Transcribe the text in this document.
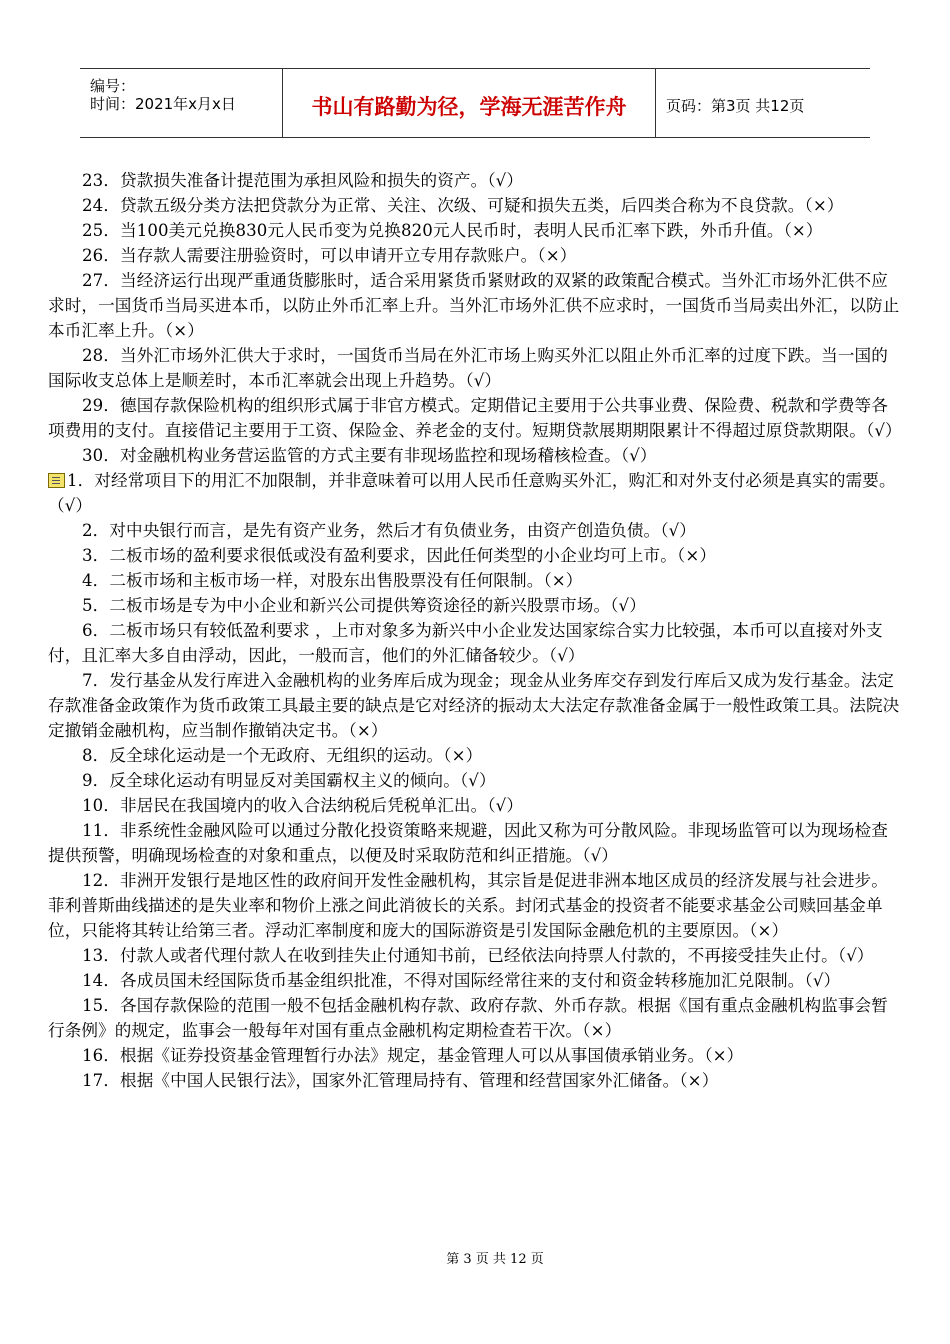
编号：
时间：2021年x月x日	书山有路勤为径，学海无涯苦作舟	页码：第3页 共12页

23．贷款损失准备计提范围为承担风险和损失的资产。（√）

24．贷款五级分类方法把贷款分为正常、关注、次级、可疑和损失五类，后四类合称为不良贷款。（×）

25．当100美元兑换830元人民币变为兑换820元人民币时，表明人民币汇率下跌，外币升值。（×）

26．当存款人需要注册验资时，可以申请开立专用存款账户。（×）

27．当经济运行出现严重通货膨胀时，适合采用紧货币紧财政的双紧的政策配合模式。当外汇市场外汇供不应求时，一国货币当局买进本币，以防止外币汇率上升。当外汇市场外汇供不应求时，一国货币当局卖出外汇，以防止本币汇率上升。（×）

28．当外汇市场外汇供大于求时，一国货币当局在外汇市场上购买外汇以阻止外币汇率的过度下跌。当一国的国际收支总体上是顺差时，本币汇率就会出现上升趋势。（√）

29．德国存款保险机构的组织形式属于非官方模式。定期借记主要用于公共事业费、保险费、税款和学费等各项费用的支付。直接借记主要用于工资、保险金、养老金的支付。短期贷款展期期限累计不得超过原贷款期限。（√）

30．对金融机构业务营运监管的方式主要有非现场监控和现场稽核检查。（√）

1．对经常项目下的用汇不加限制，并非意味着可以用人民币任意购买外汇，购汇和对外支付必须是真实的需要。（√）

2．对中央银行而言，是先有资产业务，然后才有负债业务，由资产创造负债。（√）

3．二板市场的盈利要求很低或没有盈利要求，因此任何类型的小企业均可上市。（×）

4．二板市场和主板市场一样，对股东出售股票没有任何限制。（×）

5．二板市场是专为中小企业和新兴公司提供筹资途径的新兴股票市场。（√）

6．二板市场只有较低盈利要求 ，上市对象多为新兴中小企业发达国家综合实力比较强，本币可以直接对外支付，且汇率大多自由浮动，因此，一般而言，他们的外汇储备较少。（√）

7．发行基金从发行库进入金融机构的业务库后成为现金；现金从业务库交存到发行库后又成为发行基金。法定存款准备金政策作为货币政策工具最主要的缺点是它对经济的振动太大法定存款准备金属于一般性政策工具。法院决定撤销金融机构，应当制作撤销决定书。（×）

8．反全球化运动是一个无政府、无组织的运动。（×）

9．反全球化运动有明显反对美国霸权主义的倾向。（√）

10．非居民在我国境内的收入合法纳税后凭税单汇出。（√）

11．非系统性金融风险可以通过分散化投资策略来规避，因此又称为可分散风险。非现场监管可以为现场检查提供预警，明确现场检查的对象和重点，以便及时采取防范和纠正措施。（√）

12．非洲开发银行是地区性的政府间开发性金融机构，其宗旨是促进非洲本地区成员的经济发展与社会进步。菲利普斯曲线描述的是失业率和物价上涨之间此消彼长的关系。封闭式基金的投资者不能要求基金公司赎回基金单位，只能将其转让给第三者。浮动汇率制度和庞大的国际游资是引发国际金融危机的主要原因。（×）

13．付款人或者代理付款人在收到挂失止付通知书前，已经依法向持票人付款的，不再接受挂失止付。（√）

14．各成员国未经国际货币基金组织批准，不得对国际经常往来的支付和资金转移施加汇兑限制。（√）

15．各国存款保险的范围一般不包括金融机构存款、政府存款、外币存款。根据《国有重点金融机构监事会暂行条例》的规定，监事会一般每年对国有重点金融机构定期检查若干次。（×）

16．根据《证券投资基金管理暂行办法》规定，基金管理人可以从事国债承销业务。（×）

17．根据《中国人民银行法》，国家外汇管理局持有、管理和经营国家外汇储备。（×）

第 3 页 共 12 页
